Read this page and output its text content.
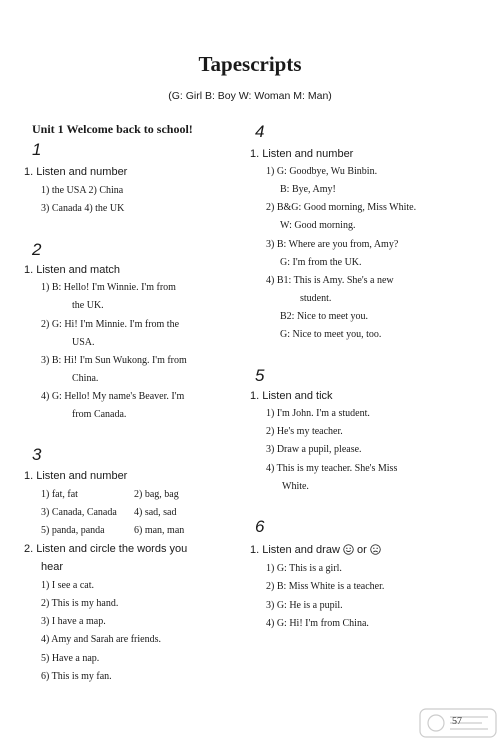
Tapescripts
(G: Girl B: Boy W: Woman M: Man)
Unit 1 Welcome back to school!
1
1. Listen and number
1) the USA 2) China
3) Canada 4) the UK
2
1. Listen and match
1) B: Hello! I'm Winnie. I'm from
the UK.
2) G: Hi! I'm Minnie. I'm from the
USA.
3) B: Hi! I'm Sun Wukong. I'm from
China.
4) G: Hello! My name's Beaver. I'm
from Canada.
3
1. Listen and number
1) fat, fat	2) bag, bag
3) Canada, Canada 4) sad, sad
5) panda, panda	6) man, man
2. Listen and circle the words you
hear
1) I see a cat.
2) This is my hand.
3) I have a map.
4) Amy and Sarah are friends.
5) Have a nap.
6) This is my fan.
4
1. Listen and number
1) G: Goodbye, Wu Binbin.
B: Bye, Amy!
2) B&G: Good morning, Miss White.
W: Good morning.
3) B: Where are you from, Amy?
G: I'm from the UK.
4) B1: This is Amy. She's a new
student.
B2: Nice to meet you.
G: Nice to meet you, too.
5
1. Listen and tick
1) I'm John. I'm a student.
2) He's my teacher.
3) Draw a pupil, please.
4) This is my teacher. She's Miss
White.
6
1. Listen and draw or
1) G: This is a girl.
2) B: Miss White is a teacher.
3) G: He is a pupil.
4) G: Hi! I'm from China.
57
